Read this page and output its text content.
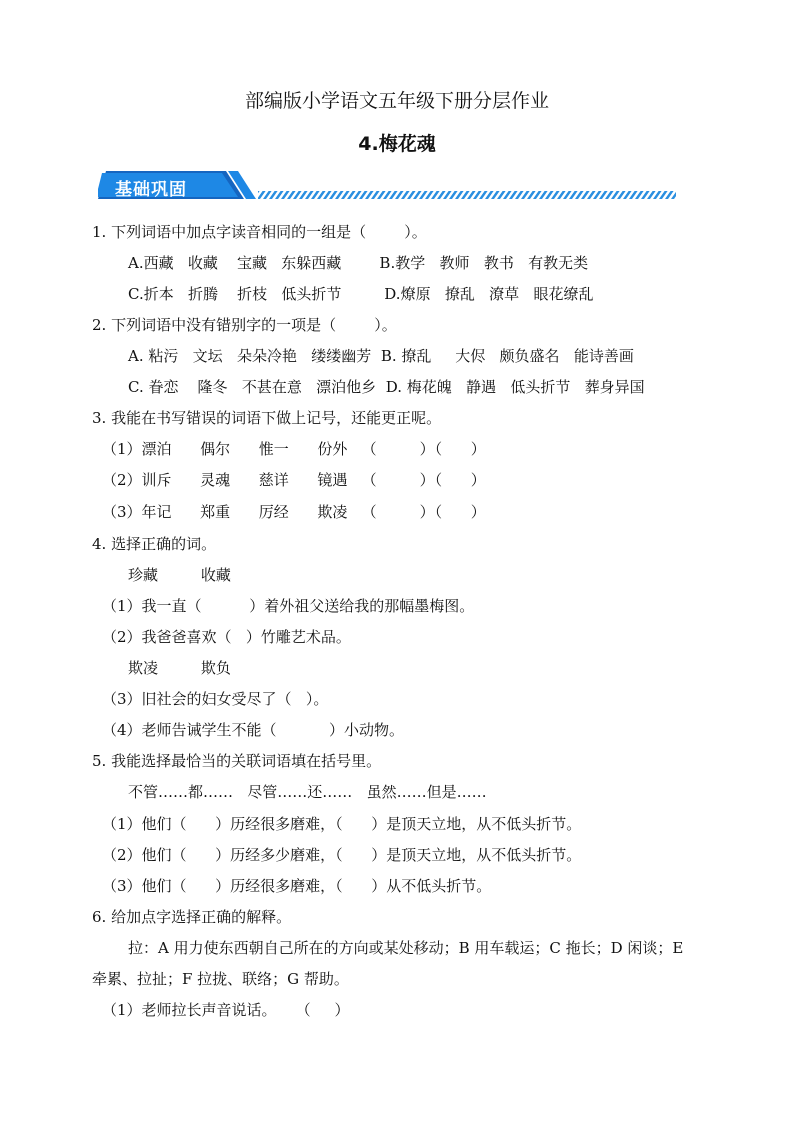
部编版小学语文五年级下册分层作业
4.梅花魂
基础巩固
1. 下列词语中加点字读音相同的一组是（        ）。
A.西藏   收藏    宝藏   东躲西藏        B.教学   教师   教书   有教无类
C.折本   折腾    折枝   低头折节         D.燎原   撩乱   潦草   眼花缭乱
2. 下列词语中没有错别字的一项是（        ）。
A. 粘污   文坛   朵朵冷艳   缕缕幽芳  B. 撩乱     大侭   颇负盛名   能诗善画
C. 眷恋    隆冬   不甚在意   漂泊他乡  D. 梅花魄   静遇   低头折节   葬身异国
3. 我能在书写错误的词语下做上记号，还能更正呢。
（1）漂泊      偶尔      惟一      份外   （         ）（      ）
（2）训斥      灵魂      慈详      镜遇   （         ）（      ）
（3）年记      郑重      厉经      欺凌   （         ）（      ）
4. 选择正确的词。
珍藏         收藏
（1）我一直（          ）着外祖父送给我的那幅墨梅图。
（2）我爸爸喜欢（   ）竹雕艺术品。
欺凌         欺负
（3）旧社会的妇女受尽了（   ）。
（4）老师告诫学生不能（           ）小动物。
5. 我能选择最恰当的关联词语填在括号里。
不管……都……   尽管……还……   虽然……但是……
（1）他们（      ）历经很多磨难，（      ）是顶天立地，从不低头折节。
（2）他们（      ）历经多少磨难，（      ）是顶天立地，从不低头折节。
（3）他们（      ）历经很多磨难，（      ）从不低头折节。
6. 给加点字选择正确的解释。
拉：A 用力使东西朝自己所在的方向或某处移动；B 用车载运；C 拖长；D 闲谈；E
牵累、拉扯；F 拉拢、联络；G 帮助。
（1）老师拉长声音说话。    （     ）
